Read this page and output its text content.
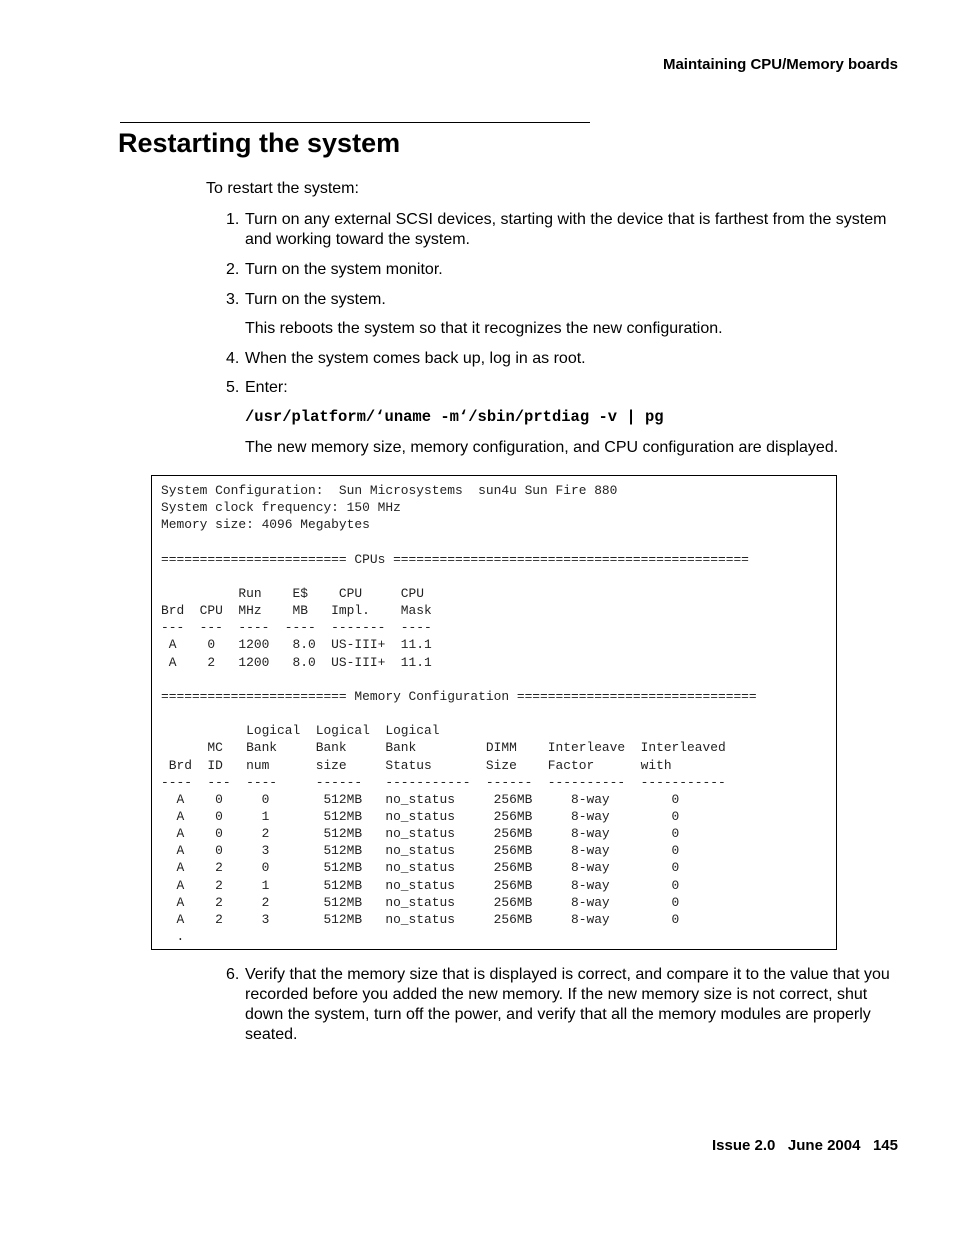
Maintaining CPU/Memory boards
Restarting the system

To restart the system:

1. Turn on any external SCSI devices, starting with the device that is farthest from the system and working toward the system.
2. Turn on the system monitor.
3. Turn on the system.
This reboots the system so that it recognizes the new configuration.
4. When the system comes back up, log in as root.
5. Enter:
/usr/platform/‘uname -m‘/sbin/prtdiag -v | pg
The new memory size, memory configuration, and CPU configuration are displayed.
System Configuration:  Sun Microsystems  sun4u Sun Fire 880
System clock frequency: 150 MHz
Memory size: 4096 Megabytes

======================== CPUs ==============================================

Run    E$    CPU     CPU
Brd  CPU  MHz    MB   Impl.    Mask
---  ---  ----  ----  -------  ----
A    0   1200   8.0  US-III+  11.1
A    2   1200   8.0  US-III+  11.1

======================== Memory Configuration ===============================

Logical  Logical  Logical
MC   Bank     Bank     Bank         DIMM    Interleave  Interleaved
Brd  ID   num      size     Status       Size    Factor      with
----  ---  ----     ------   -----------  ------  ----------  -----------
A    0     0       512MB   no_status     256MB     8-way        0
A    0     1       512MB   no_status     256MB     8-way        0
A    0     2       512MB   no_status     256MB     8-way        0
A    0     3       512MB   no_status     256MB     8-way        0
A    2     0       512MB   no_status     256MB     8-way        0
A    2     1       512MB   no_status     256MB     8-way        0
A    2     2       512MB   no_status     256MB     8-way        0
A    2     3       512MB   no_status     256MB     8-way        0
.
6. Verify that the memory size that is displayed is correct, and compare it to the value that you recorded before you added the new memory. If the new memory size is not correct, shut down the system, turn off the power, and verify that all the memory modules are properly seated.
Issue 2.0 June 2004 145
